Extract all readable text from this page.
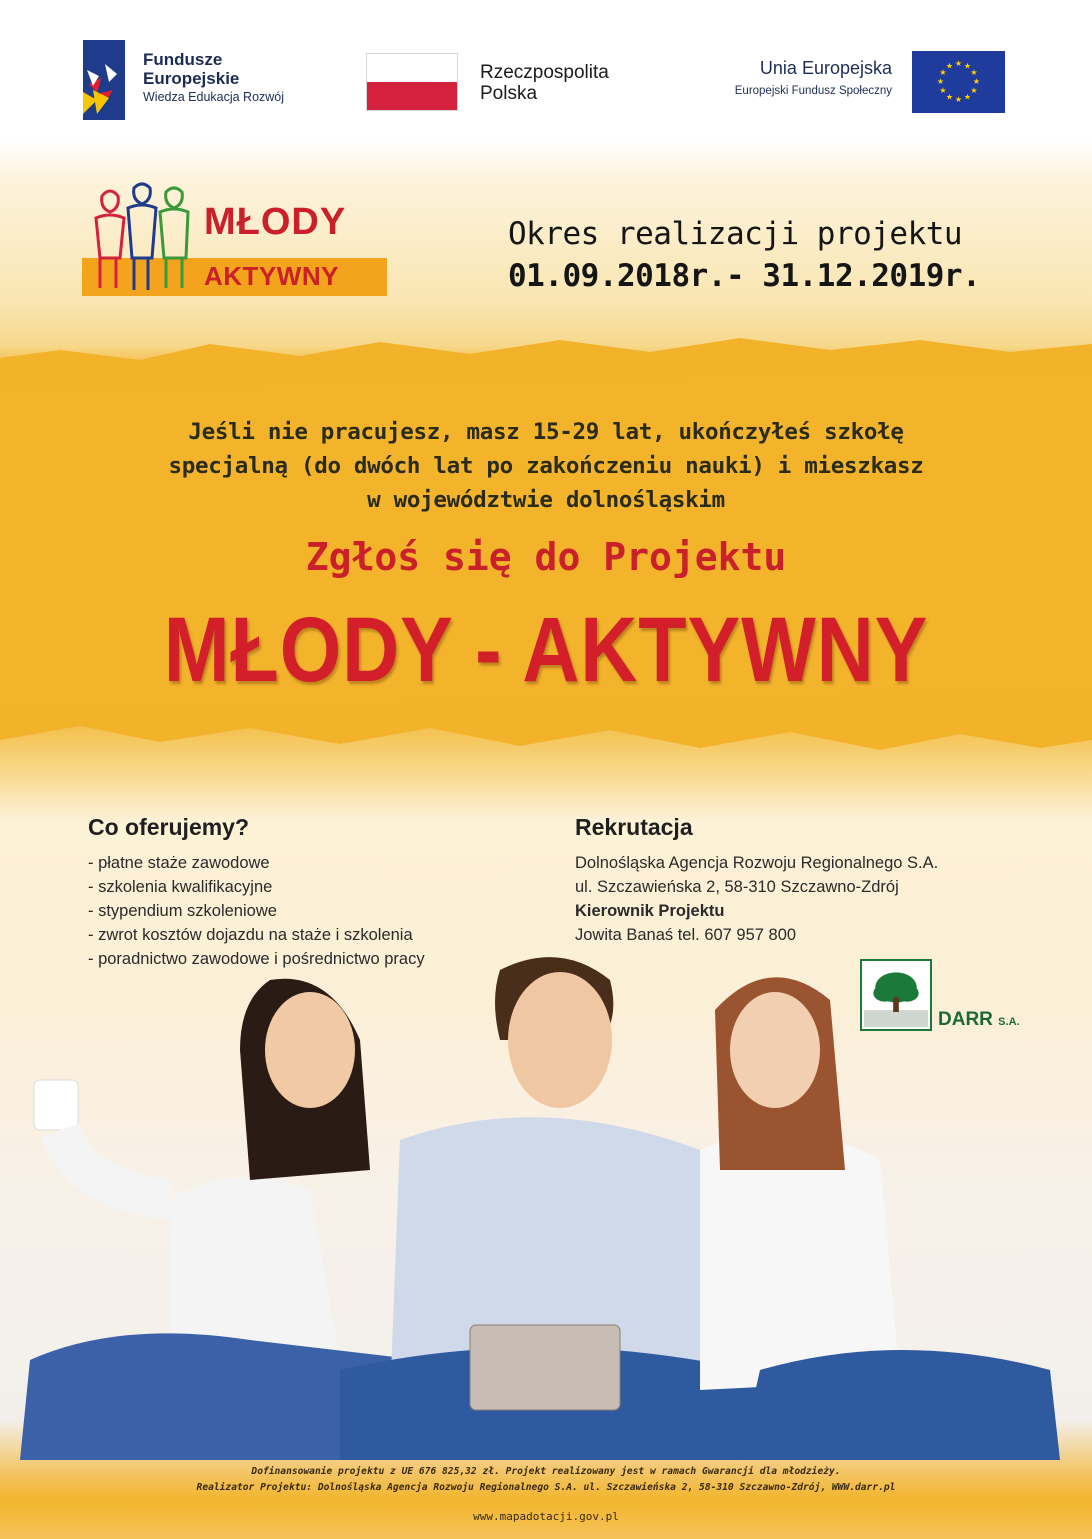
Fundusze
Europejskie
Wiedza Edukacja Rozwój
Rzeczpospolita
Polska
Unia Europejska
Europejski Fundusz Społeczny
★ ★
★
★
★
★
★
★
★
★
★
★
MŁODY
AKTYWNY
Okres realizacji projektu
01.09.2018r.- 31.12.2019r.
Jeśli nie pracujesz, masz 15-29 lat, ukończyłeś szkołę
specjalną (do dwóch lat po zakończeniu nauki) i mieszkasz
w województwie dolnośląskim
Zgłoś się do Projektu
MŁODY - AKTYWNY
Co oferujemy?
- płatne staże zawodowe
- szkolenia kwalifikacyjne
- stypendium szkoleniowe
- zwrot kosztów dojazdu na staże i szkolenia
- poradnictwo zawodowe i pośrednictwo pracy
Rekrutacja
Dolnośląska Agencja Rozwoju Regionalnego S.A.
ul. Szczawieńska 2, 58-310 Szczawno-Zdrój
Kierownik Projektu
Jowita Banaś tel. 607 957 800
DARR S.A.
Dofinansowanie projektu z UE 676 825,32 zł. Projekt realizowany jest w ramach Gwarancji dla młodzieży.
Realizator Projektu: Dolnośląska Agencja Rozwoju Regionalnego S.A. ul. Szczawieńska 2, 58-310 Szczawno-Zdrój, WWW.darr.pl
www.mapadotacji.gov.pl
